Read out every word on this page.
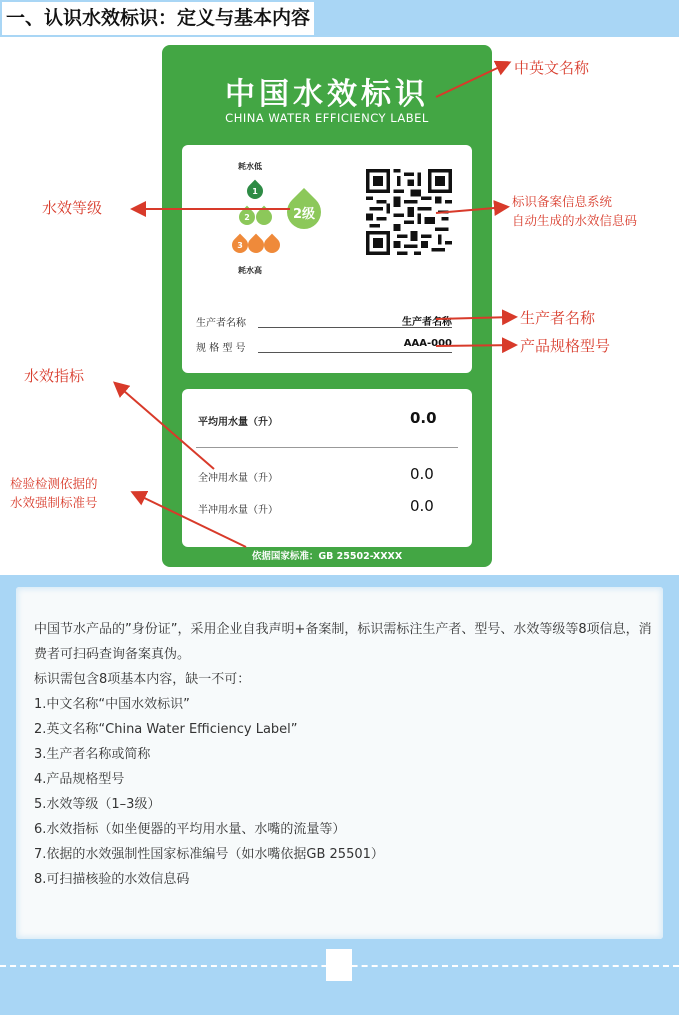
一、认识水效标识：定义与基本内容
中国水效标识
CHINA WATER EFFICIENCY LABEL
耗水低
1
2
3
耗水高
2级
生产者名称	生产者名称
规 格 型 号	AAA-000
平均用水量（升）	0.0
全冲用水量（升）	0.0
半冲用水量（升）	0.0
依据国家标准：GB 25502-XXXX
中英文名称
水效等级	标识备案信息系统
自动生成的水效信息码
生产者名称
产品规格型号
水效指标
检验检测依据的
水效强制标准号

中国节水产品的”身份证”，采用企业自我声明+备案制，标识需标注生产者、型号、水效等级等8项信息，消费者可扫码查询备案真伪。

标识需包含8项基本内容，缺一不可：

1.中文名称“中国水效标识”

2.英文名称“China Water Efficiency Label”

3.生产者名称或简称

4.产品规格型号

5.水效等级（1–3级）

6.水效指标（如坐便器的平均用水量、水嘴的流量等）

7.依据的水效强制性国家标准编号（如水嘴依据GB 25501）

8.可扫描核验的水效信息码
